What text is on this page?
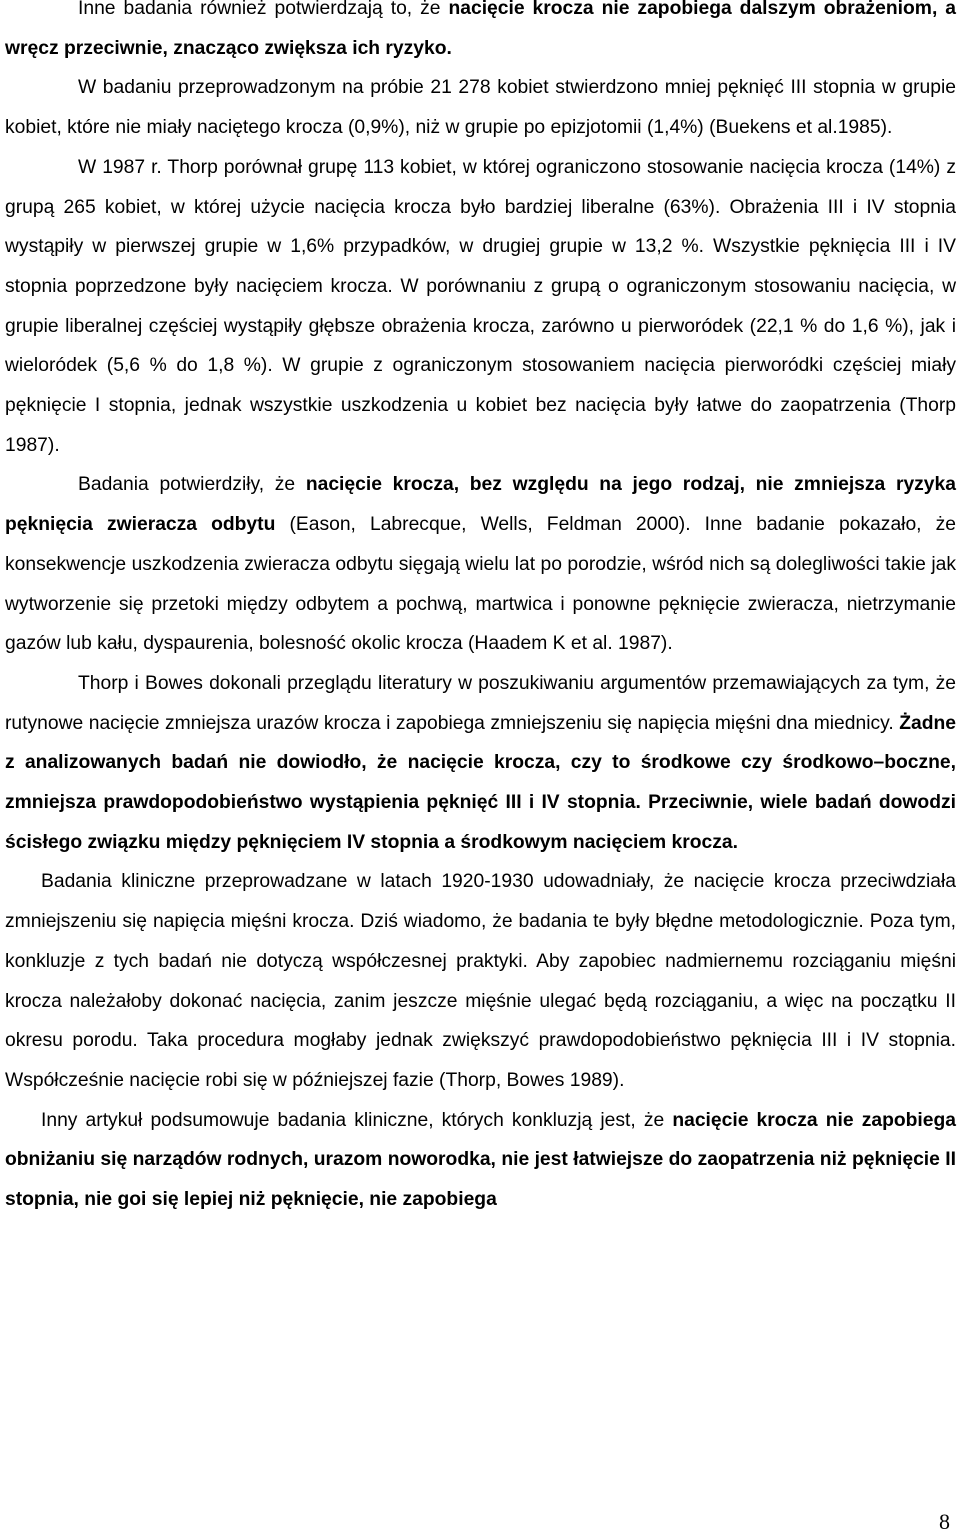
Inne badania również potwierdzają to, że nacięcie krocza nie zapobiega dalszym obrażeniom, a wręcz przeciwnie, znacząco zwiększa ich ryzyko.

W badaniu przeprowadzonym na próbie 21 278 kobiet stwierdzono mniej pęknięć III stopnia w grupie kobiet, które nie miały naciętego krocza (0,9%), niż w grupie po epizjotomii (1,4%) (Buekens et al.1985).

W 1987 r. Thorp porównał grupę 113 kobiet, w której ograniczono stosowanie nacięcia krocza (14%) z grupą 265 kobiet, w której użycie nacięcia krocza było bardziej liberalne (63%). Obrażenia III i IV stopnia wystąpiły w pierwszej grupie w 1,6% przypadków, w drugiej grupie w 13,2 %. Wszystkie pęknięcia III i IV stopnia poprzedzone były nacięciem krocza. W porównaniu z grupą o ograniczonym stosowaniu nacięcia, w grupie liberalnej częściej wystąpiły głębsze obrażenia krocza, zarówno u pierworódek (22,1 % do 1,6 %), jak i wieloródek (5,6 % do 1,8 %). W grupie z ograniczonym stosowaniem nacięcia pierworódki częściej miały pęknięcie I stopnia, jednak wszystkie uszkodzenia u kobiet bez nacięcia były łatwe do zaopatrzenia (Thorp 1987).

Badania potwierdziły, że nacięcie krocza, bez względu na jego rodzaj, nie zmniejsza ryzyka pęknięcia zwieracza odbytu (Eason, Labrecque, Wells, Feldman 2000). Inne badanie pokazało, że konsekwencje uszkodzenia zwieracza odbytu sięgają wielu lat po porodzie, wśród nich są dolegliwości takie jak wytworzenie się przetoki między odbytem a pochwą, martwica i ponowne pęknięcie zwieracza, nietrzymanie gazów lub kału, dyspaurenia, bolesność okolic krocza (Haadem K et al. 1987).

Thorp i Bowes dokonali przeglądu literatury w poszukiwaniu argumentów przemawiających za tym, że rutynowe nacięcie zmniejsza urazów krocza i zapobiega zmniejszeniu się napięcia mięśni dna miednicy. Żadne z analizowanych badań nie dowiodło, że nacięcie krocza, czy to środkowe czy środkowo–boczne, zmniejsza prawdopodobieństwo wystąpienia pęknięć III i IV stopnia. Przeciwnie, wiele badań dowodzi ścisłego związku między pęknięciem IV stopnia a środkowym nacięciem krocza.

Badania kliniczne przeprowadzane w latach 1920-1930 udowadniały, że nacięcie krocza przeciwdziała zmniejszeniu się napięcia mięśni krocza. Dziś wiadomo, że badania te były błędne metodologicznie. Poza tym, konkluzje z tych badań nie dotyczą współczesnej praktyki. Aby zapobiec nadmiernemu rozciąganiu mięśni krocza należałoby dokonać nacięcia, zanim jeszcze mięśnie ulegać będą rozciąganiu, a więc na początku II okresu porodu. Taka procedura mogłaby jednak zwiększyć prawdopodobieństwo pęknięcia III i IV stopnia. Współcześnie nacięcie robi się w późniejszej fazie (Thorp, Bowes 1989).

Inny artykuł podsumowuje badania kliniczne, których konkluzją jest, że nacięcie krocza nie zapobiega obniżaniu się narządów rodnych, urazom noworodka, nie jest łatwiejsze do zaopatrzenia niż pęknięcie II stopnia, nie goi się lepiej niż pęknięcie, nie zapobiega

8
